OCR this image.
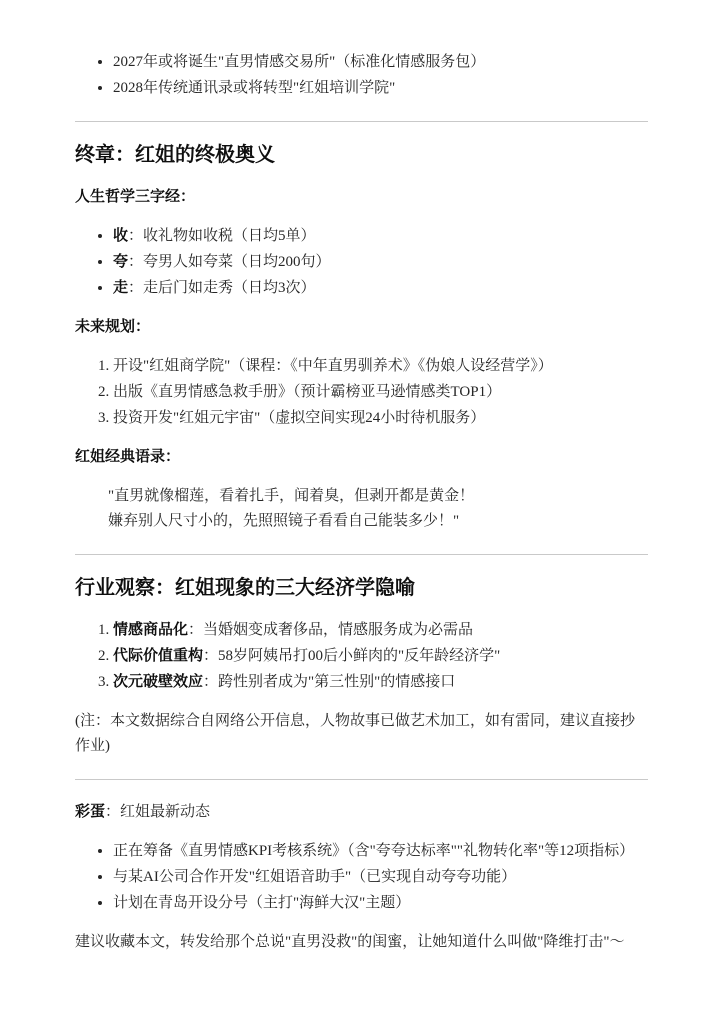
• 2027年或将诞生"直男情感交易所"（标准化情感服务包）
• 2028年传统通讯录或将转型"红姐培训学院"
终章：红姐的终极奥义

人生哲学三字经：

• 收：收礼物如收税（日均5单）
• 夸：夸男人如夸菜（日均200句）
• 走：走后门如走秀（日均3次）

未来规划：

1. 开设"红姐商学院"（课程：《中年直男驯养术》《伪娘人设经营学》）
2. 出版《直男情感急救手册》（预计霸榜亚马逊情感类TOP1）
3. 投资开发"红姐元宇宙"（虚拟空间实现24小时待机服务）

红姐经典语录：

"直男就像榴莲，看着扎手，闻着臭，但剥开都是黄金！
嫌弃别人尺寸小的，先照照镜子看看自己能装多少！"
行业观察：红姐现象的三大经济学隐喻
1. 情感商品化：当婚姻变成奢侈品，情感服务成为必需品
2. 代际价值重构：58岁阿姨吊打00后小鲜肉的"反年龄经济学"
3. 次元破壁效应：跨性别者成为"第三性别"的情感接口

(注：本文数据综合自网络公开信息，人物故事已做艺术加工，如有雷同，建议直接抄作业)

彩蛋：红姐最新动态

• 正在筹备《直男情感KPI考核系统》（含"夸夸达标率""礼物转化率"等12项指标）
• 与某AI公司合作开发"红姐语音助手"（已实现自动夸夸功能）
• 计划在青岛开设分号（主打"海鲜大汉"主题）

建议收藏本文，转发给那个总说"直男没救"的闺蜜，让她知道什么叫做"降维打击"～
